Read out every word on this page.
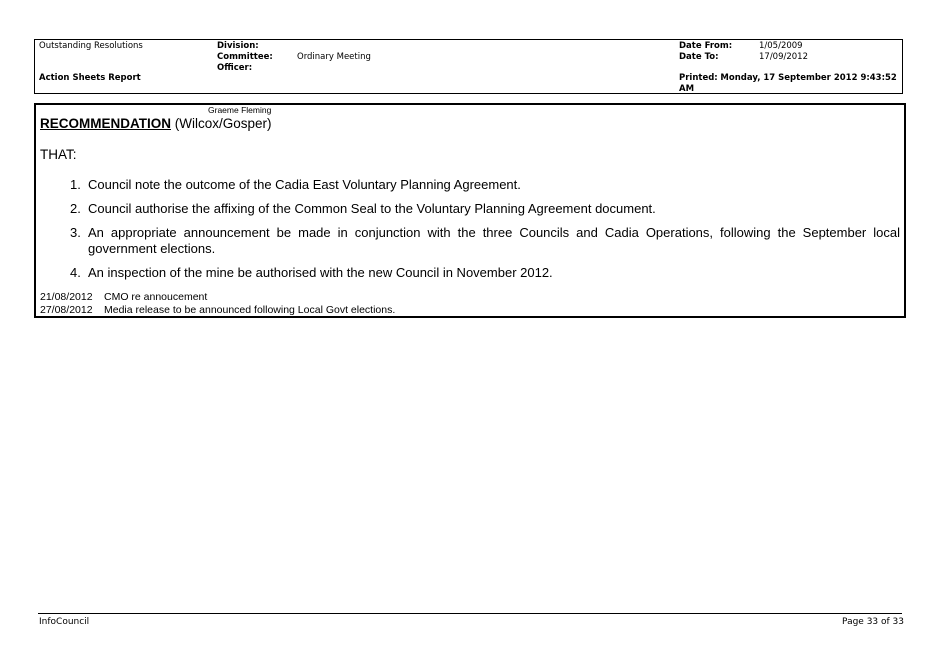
Outstanding Resolutions
Action Sheets Report
Division:
Committee:	Ordinary Meeting
Officer:
Date From:	1/05/2009
Date To:	17/09/2012
Printed: Monday, 17 September 2012 9:43:52
AM
Graeme Fleming
RECOMMENDATION (Wilcox/Gosper)
THAT:
1. Council note the outcome of the Cadia East Voluntary Planning Agreement.
2. Council authorise the affixing of the Common Seal to the Voluntary Planning Agreement document.
3. An appropriate announcement be made in conjunction with the three Councils and Cadia Operations, following the September local government elections.
4. An inspection of the mine be authorised with the new Council in November 2012.
21/08/2012 CMO re annoucement
27/08/2012 Media release to be announced following Local Govt elections.
InfoCouncil	Page 33 of 33
